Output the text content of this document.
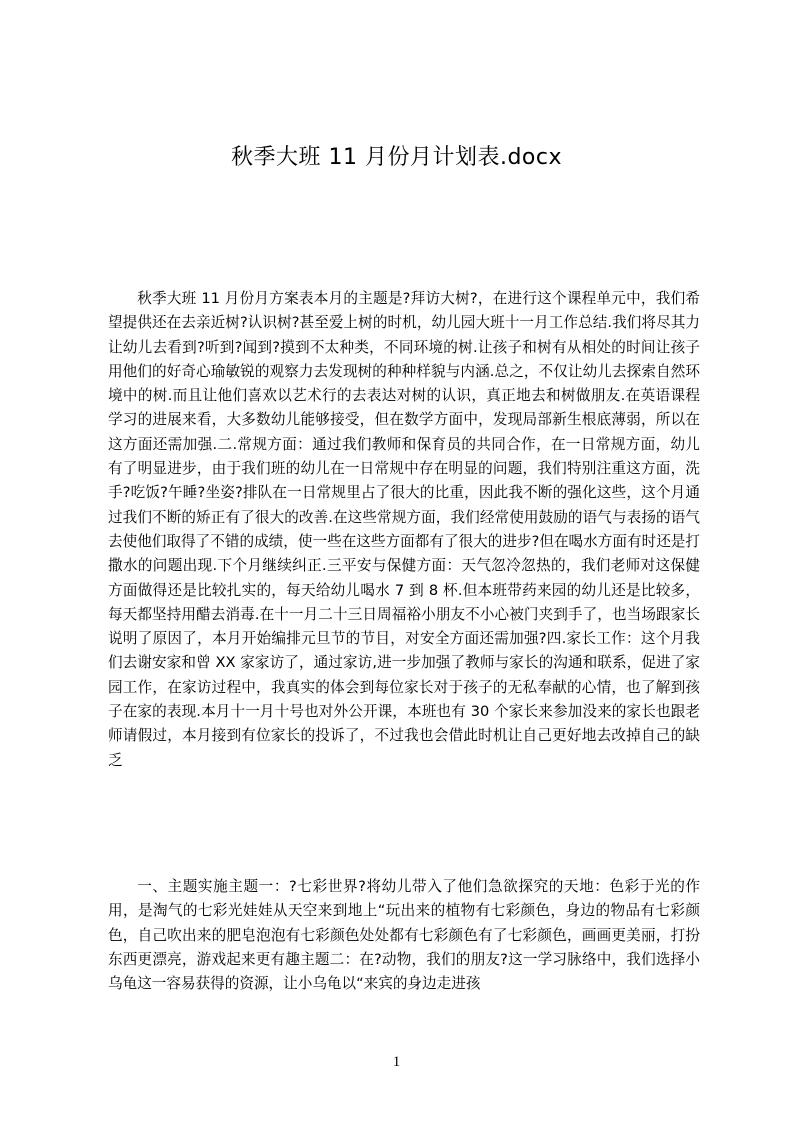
秋季大班 11 月份月计划表.docx

秋季大班 11 月份月方案表本月的主题是?拜访大树?，在进行这个课程单元中，我们希望提供还在去亲近树?认识树?甚至爱上树的时机，幼儿园大班十一月工作总结.我们将尽其力让幼儿去看到?听到?闻到?摸到不太种类，不同环境的树.让孩子和树有从相处的时间让孩子用他们的好奇心瑜敏锐的观察力去发现树的种种样貌与内涵.总之，不仅让幼儿去探索自然环境中的树.而且让他们喜欢以艺术行的去表达对树的认识，真正地去和树做朋友.在英语课程学习的进展来看，大多数幼儿能够接受，但在数学方面中，发现局部新生根底薄弱，所以在这方面还需加强.二.常规方面：通过我们教师和保育员的共同合作，在一日常规方面，幼儿有了明显进步，由于我们班的幼儿在一日常规中存在明显的问题，我们特别注重这方面，洗手?吃饭?午睡?坐姿?排队在一日常规里占了很大的比重，因此我不断的强化这些，这个月通过我们不断的矫正有了很大的改善.在这些常规方面，我们经常使用鼓励的语气与表扬的语气去使他们取得了不错的成绩，使一些在这些方面都有了很大的进步?但在喝水方面有时还是打撒水的问题出现.下个月继续纠正.三平安与保健方面：天气忽冷忽热的，我们老师对这保健方面做得还是比较扎实的，每天给幼儿喝水 7 到 8 杯.但本班带药来园的幼儿还是比较多，每天都坚持用醋去消毒.在十一月二十三日周福裕小朋友不小心被门夹到手了，也当场跟家长说明了原因了，本月开始编排元旦节的节目，对安全方面还需加强?四.家长工作：这个月我们去谢安家和曾 XX 家家访了，通过家访,进一步加强了教师与家长的沟通和联系，促进了家园工作，在家访过程中，我真实的体会到每位家长对于孩子的无私奉献的心情，也了解到孩子在家的表现.本月十一月十号也对外公开课，本班也有 30 个家长来参加没来的家长也跟老师请假过，本月接到有位家长的投诉了，不过我也会借此时机让自己更好地去改掉自己的缺乏

一、主题实施主题一：?七彩世界?将幼儿带入了他们急欲探究的天地：色彩于光的作用，是淘气的七彩光娃娃从天空来到地上“玩出来的植物有七彩颜色，身边的物品有七彩颜色，自己吹出来的肥皂泡泡有七彩颜色处处都有七彩颜色有了七彩颜色，画画更美丽，打扮东西更漂亮，游戏起来更有趣主题二：在?动物，我们的朋友?这一学习脉络中，我们选择小乌龟这一容易获得的资源，让小乌龟以“来宾的身边走进孩

1
